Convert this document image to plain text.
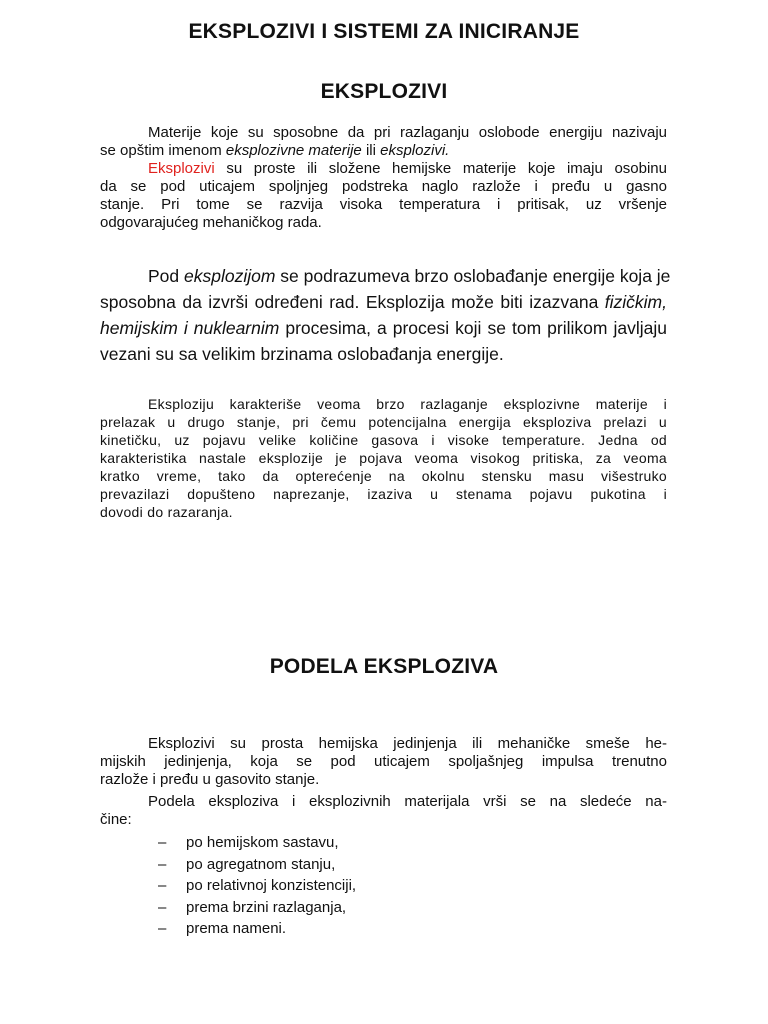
EKSPLOZIVI I SISTEMI ZA INICIRANJE
EKSPLOZIVI
Materije koje su sposobne da pri razlaganju oslobode energiju nazivaju
se opštim imenom eksplozivne materije ili eksplozivi.
Eksplozivi su proste ili složene hemijske materije koje imaju osobinu
da se pod uticajem spoljnjeg podstreka naglo razlože i pređu u gasno
stanje. Pri tome se razvija visoka temperatura i pritisak, uz vršenje
odgovarajućeg mehaničkog rada.
Pod eksplozijom se podrazumeva brzo oslobađanje energije koja je
sposobna da izvrši određeni rad. Eksplozija može biti izazvana fizičkim,
hemijskim i nuklearnim procesima, a procesi koji se tom prilikom javljaju
vezani su sa velikim brzinama oslobađanja energije.
Eksploziju karakteriše veoma brzo razlaganje eksplozivne materije i
prelazak u drugo stanje, pri čemu potencijalna energija eksploziva prelazi u
kinetičku, uz pojavu velike količine gasova i visoke temperature. Jedna od
karakteristika nastale eksplozije je pojava veoma visokog pritiska, za veoma
kratko vreme, tako da opterećenje na okolnu stensku masu višestruko
prevazilazi dopušteno naprezanje, izaziva u stenama pojavu pukotina i
dovodi do razaranja.
PODELA EKSPLOZIVA
Eksplozivi su prosta hemijska jedinjenja ili mehaničke smeše he-
mijskih jedinjenja, koja se pod uticajem spoljašnjeg impulsa trenutno
razlože i pređu u gasovito stanje.
Podela eksploziva i eksplozivnih materijala vrši se na sledeće na-
čine:
– po hemijskom sastavu,
– po agregatnom stanju,
– po relativnoj konzistenciji,
– prema brzini razlaganja,
– prema nameni.
